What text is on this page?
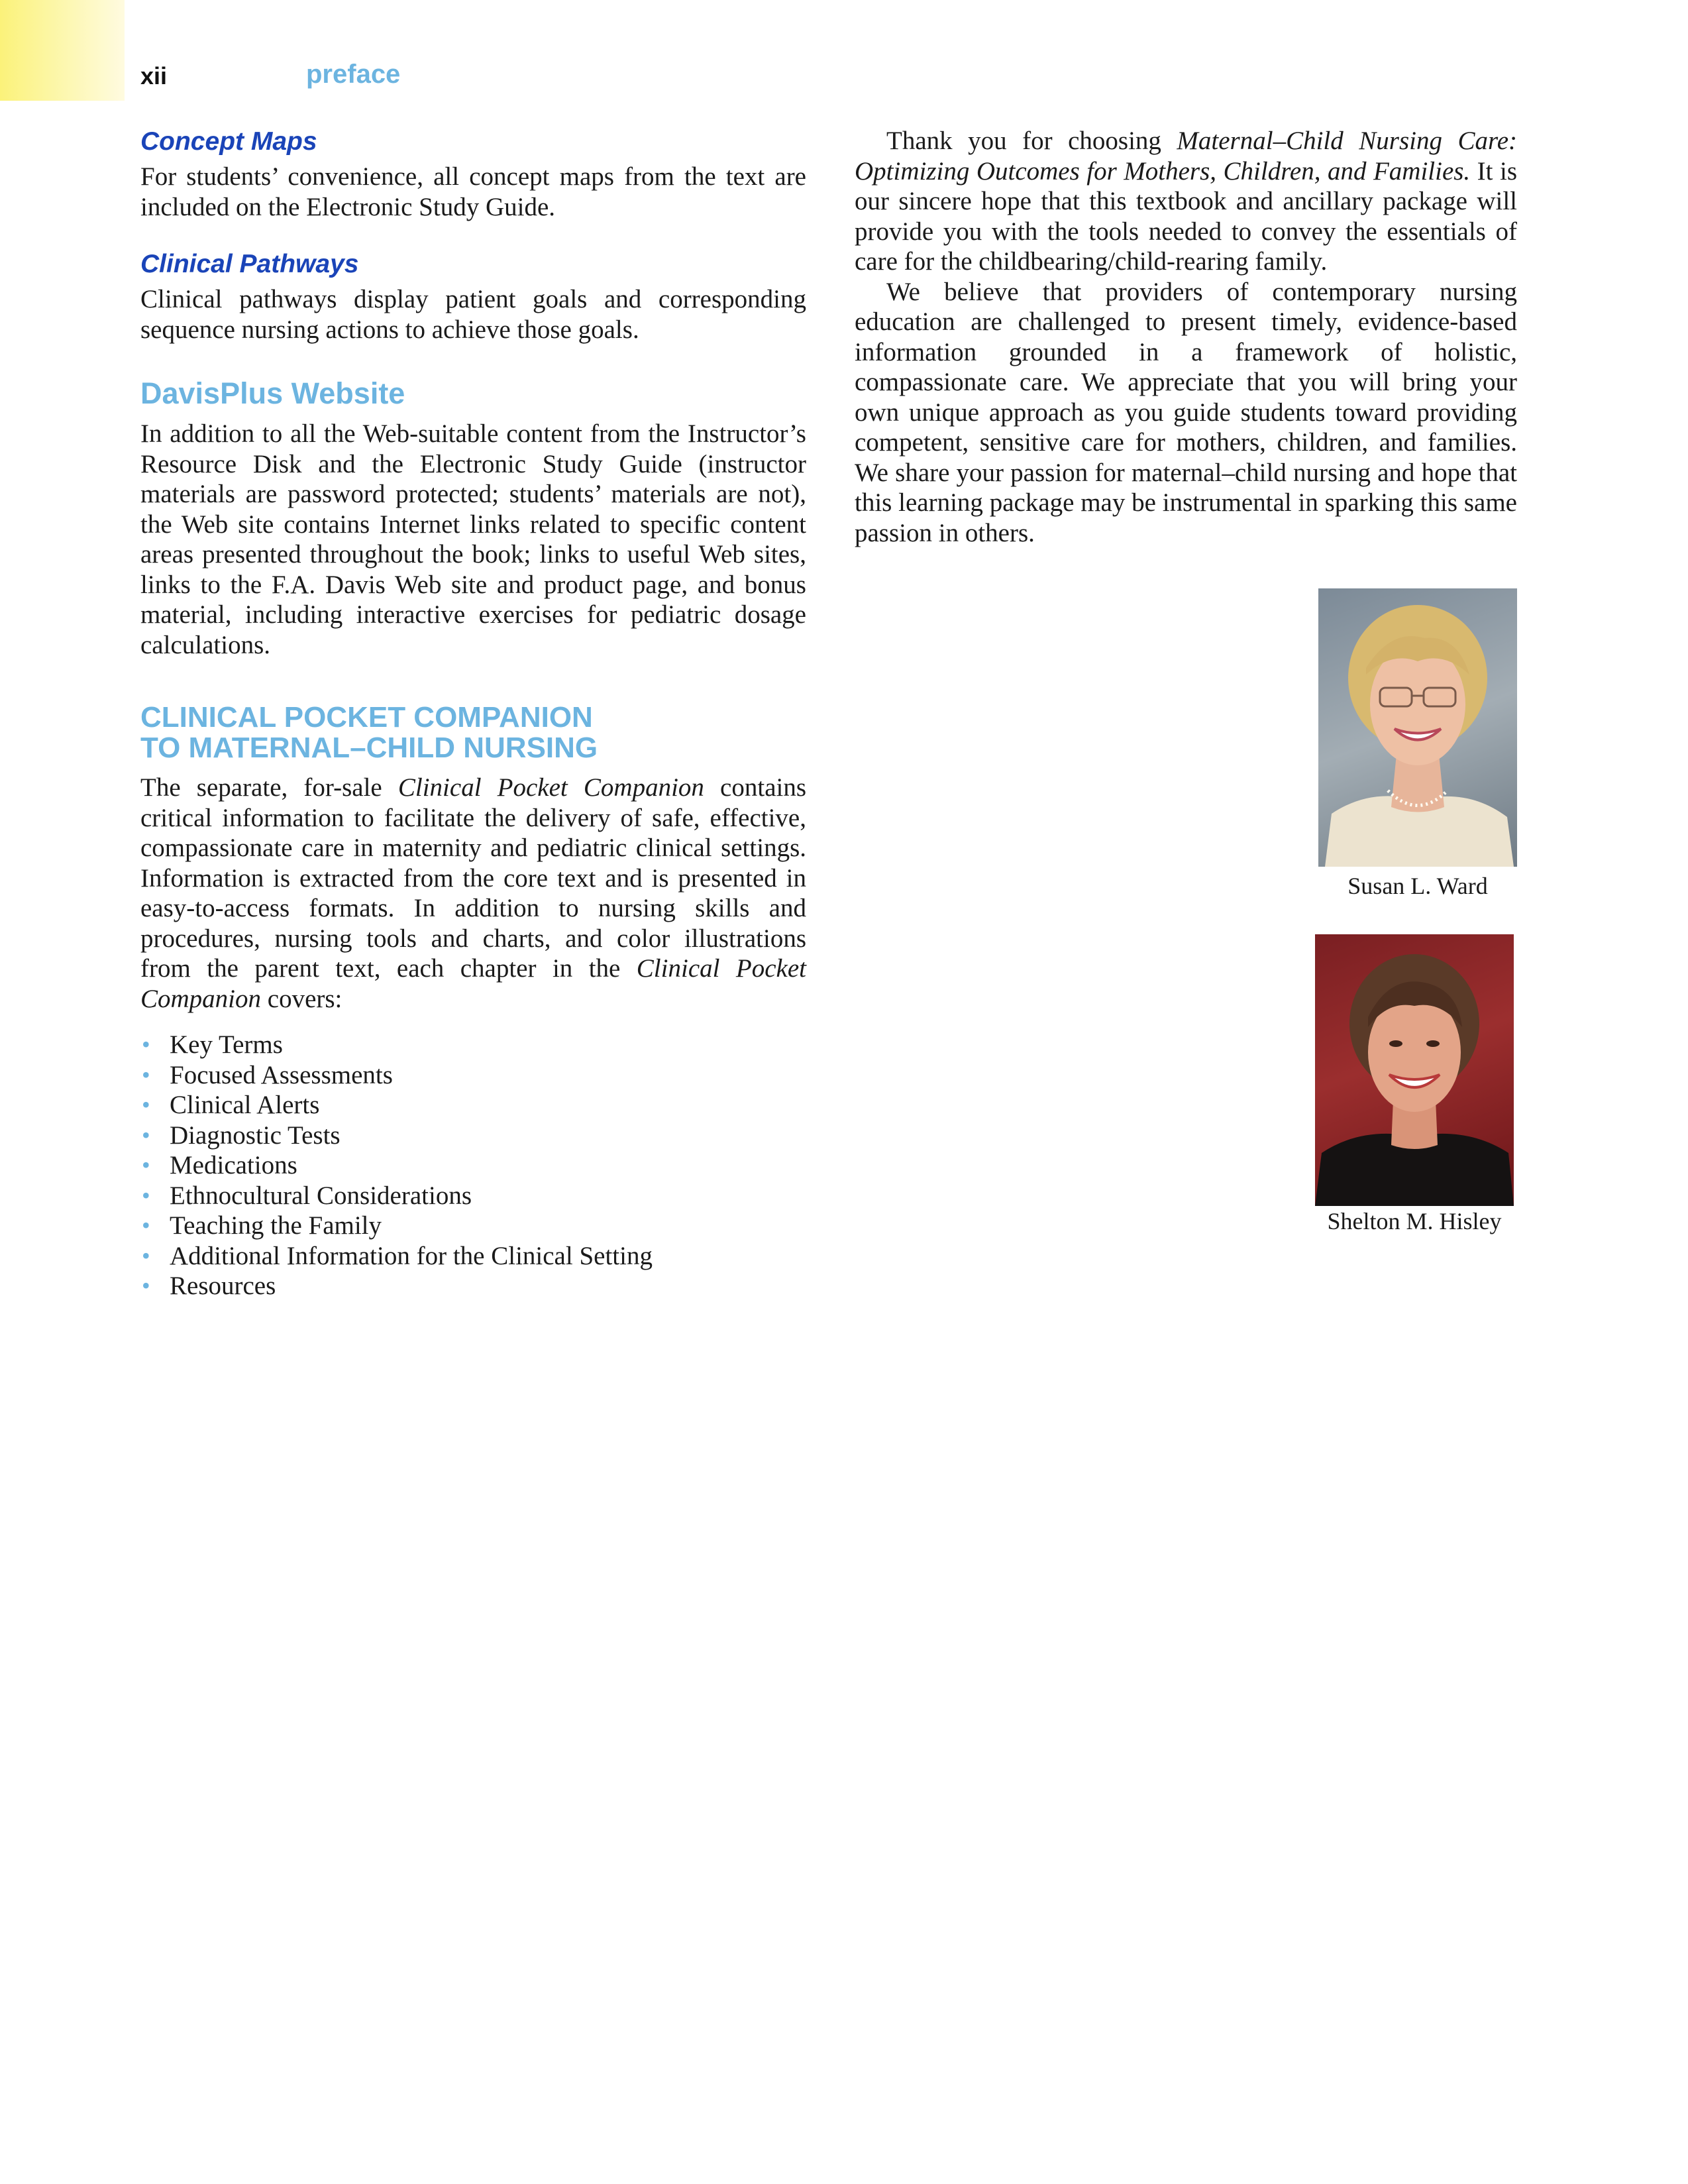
xii	preface
Concept Maps

For students’ convenience, all concept maps from the text are included on the Electronic Study Guide.

Clinical Pathways

Clinical pathways display patient goals and corresponding sequence nursing actions to achieve those goals.

DavisPlus Website

In addition to all the Web-suitable content from the Instructor’s Resource Disk and the Electronic Study Guide (instructor materials are password protected; students’ materials are not), the Web site contains Internet links related to specific content areas presented throughout the book; links to useful Web sites, links to the F.A. Davis Web site and product page, and bonus material, including interactive exercises for pediatric dosage calculations.

CLINICAL POCKET COMPANION
TO MATERNAL–CHILD NURSING

The separate, for-sale Clinical Pocket Companion contains critical information to facilitate the delivery of safe, effective, compassionate care in maternity and pediatric clinical settings. Information is extracted from the core text and is presented in easy-to-access formats. In addition to nursing skills and procedures, nursing tools and charts, and color illustrations from the parent text, each chapter in the Clinical Pocket Companion covers:

• Key Terms
• Focused Assessments
• Clinical Alerts
• Diagnostic Tests
• Medications
• Ethnocultural Considerations
• Teaching the Family
• Additional Information for the Clinical Setting
• Resources

Thank you for choosing Maternal–Child Nursing Care: Optimizing Outcomes for Mothers, Children, and Families. It is our sincere hope that this textbook and ancillary package will provide you with the tools needed to convey the essentials of care for the childbearing/child-rearing family.

We believe that providers of contemporary nursing education are challenged to present timely, evidence-based information grounded in a framework of holistic, compassionate care. We appreciate that you will bring your own unique approach as you guide students toward providing competent, sensitive care for mothers, children, and families. We share your passion for maternal–child nursing and hope that this learning package may be instrumental in sparking this same passion in others.

Susan L. Ward
Shelton M. Hisley
